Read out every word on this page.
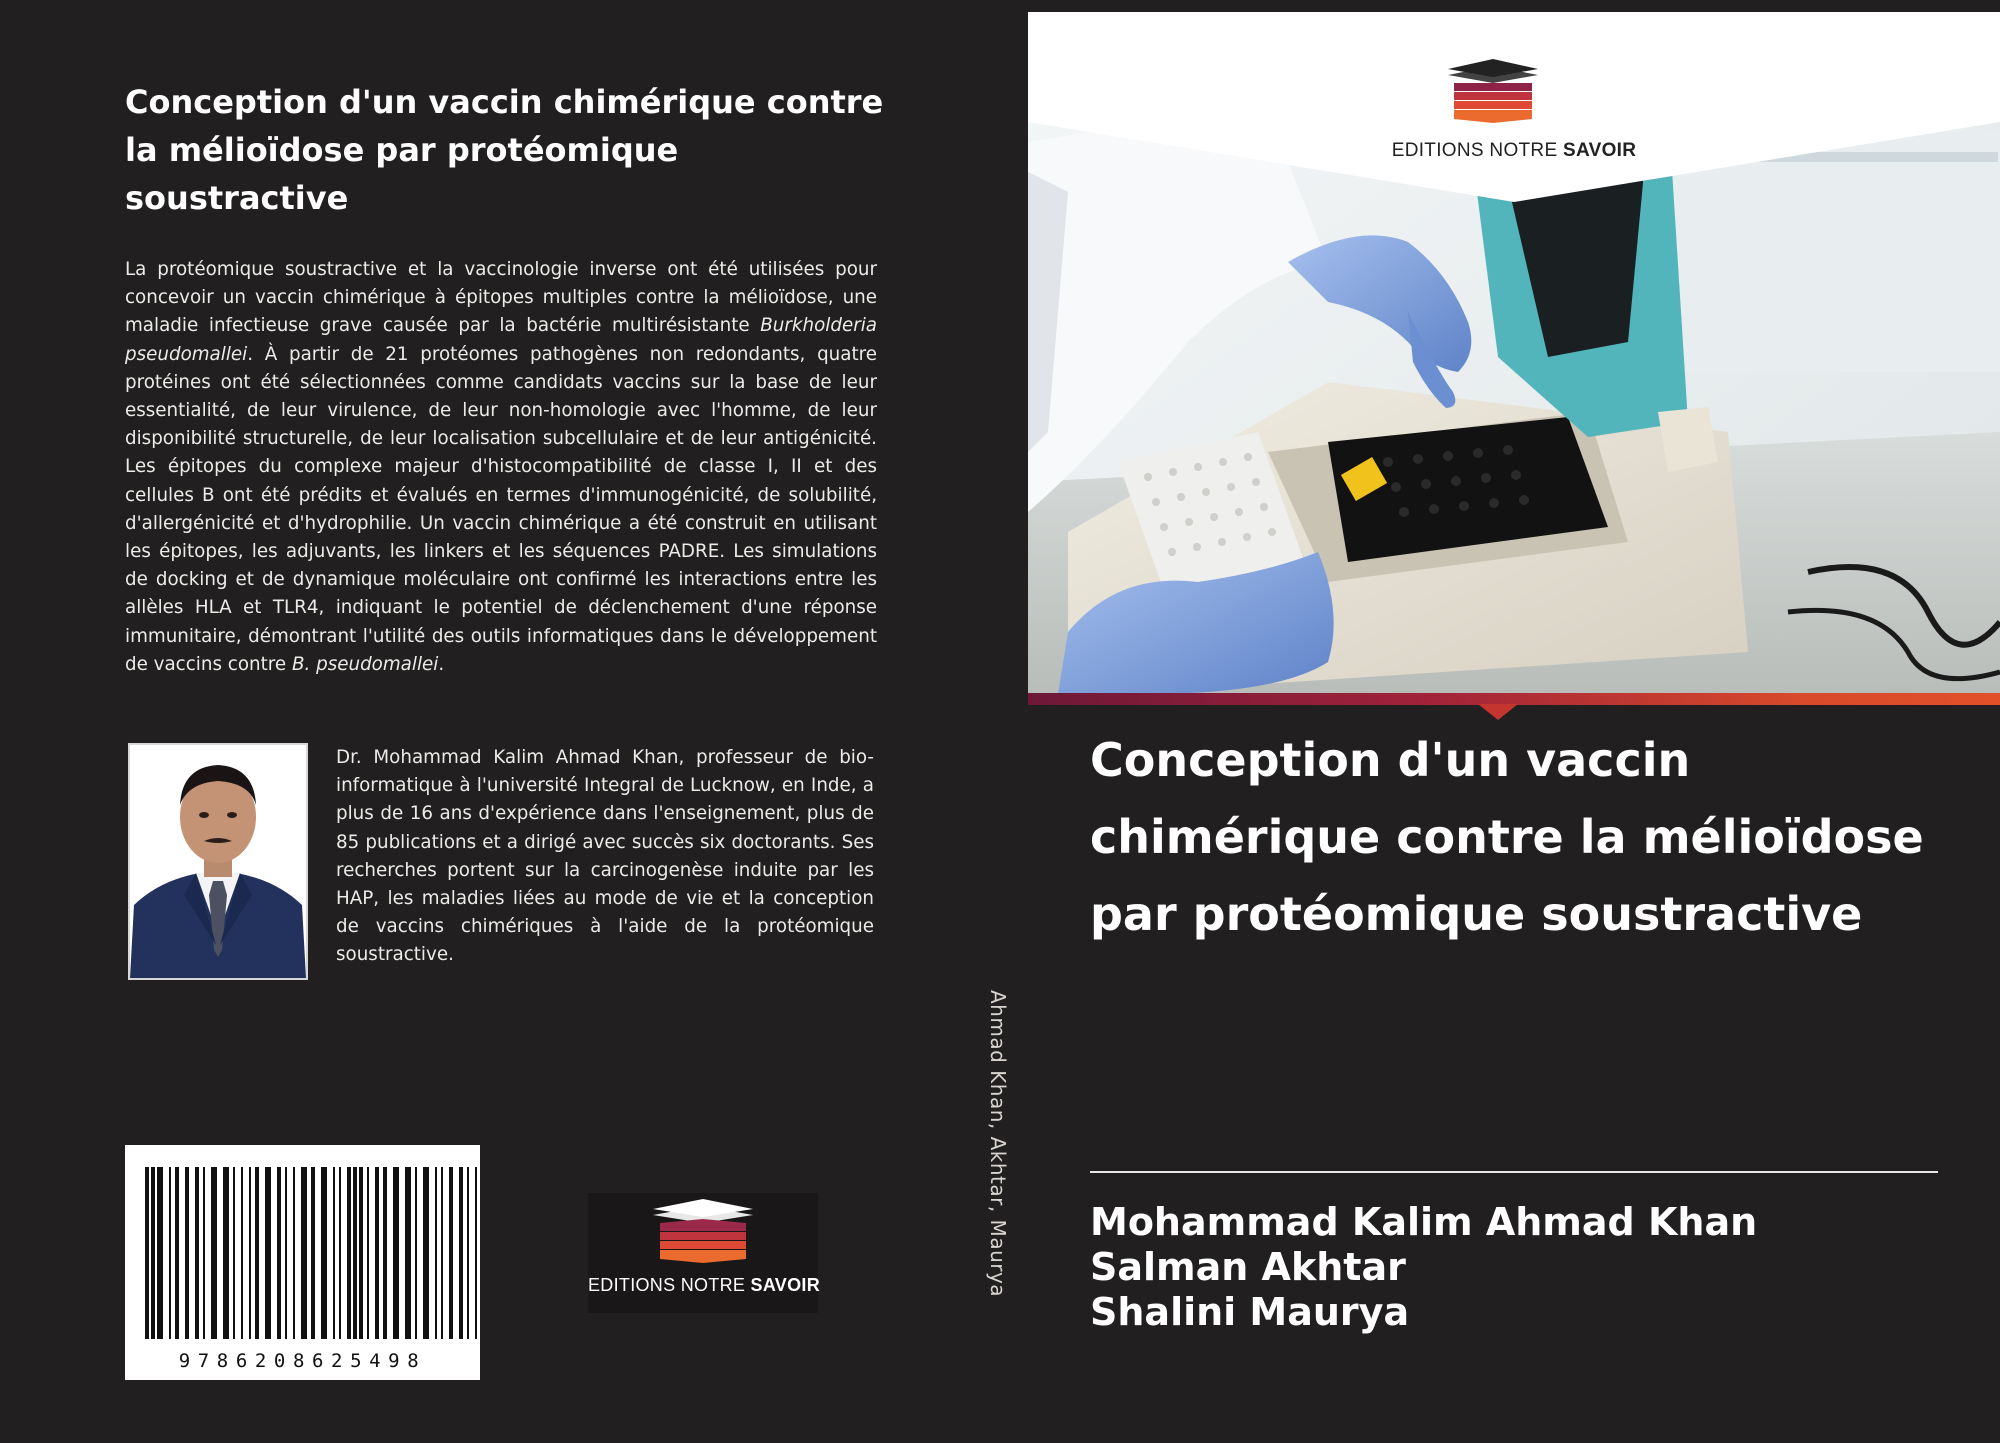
Conception d'un vaccin chimérique contre la mélioïdose par protéomique soustractive

La protéomique soustractive et la vaccinologie inverse ont été utilisées pour concevoir un vaccin chimérique à épitopes multiples contre la mélioïdose, une maladie infectieuse grave causée par la bactérie multirésistante Burkholderia pseudomallei. À partir de 21 protéomes pathogènes non redondants, quatre protéines ont été sélectionnées comme candidats vaccins sur la base de leur essentialité, de leur virulence, de leur non-homologie avec l'homme, de leur disponibilité structurelle, de leur localisation subcellulaire et de leur antigénicité. Les épitopes du complexe majeur d'histocompatibilité de classe I, II et des cellules B ont été prédits et évalués en termes d'immunogénicité, de solubilité, d'allergénicité et d'hydrophilie. Un vaccin chimérique a été construit en utilisant les épitopes, les adjuvants, les linkers et les séquences PADRE. Les simulations de docking et de dynamique moléculaire ont confirmé les interactions entre les allèles HLA et TLR4, indiquant le potentiel de déclenchement d'une réponse immunitaire, démontrant l'utilité des outils informatiques dans le développement de vaccins contre B. pseudomallei.

Dr. Mohammad Kalim Ahmad Khan, professeur de bio-informatique à l'université Integral de Lucknow, en Inde, a plus de 16 ans d'expérience dans l'enseignement, plus de 85 publications et a dirigé avec succès six doctorants. Ses recherches portent sur la carcinogenèse induite par les HAP, les maladies liées au mode de vie et la conception de vaccins chimériques à l'aide de la protéomique soustractive.

9786208625498
EDITIONS NOTRE SAVOIR	Ahmad Khan, Akhtar, Maurya
EDITIONS NOTRE SAVOIR
Conception d'un vaccin chimérique contre la mélioïdose par protéomique soustractive
Mohammad Kalim Ahmad Khan
Salman Akhtar
Shalini Maurya
